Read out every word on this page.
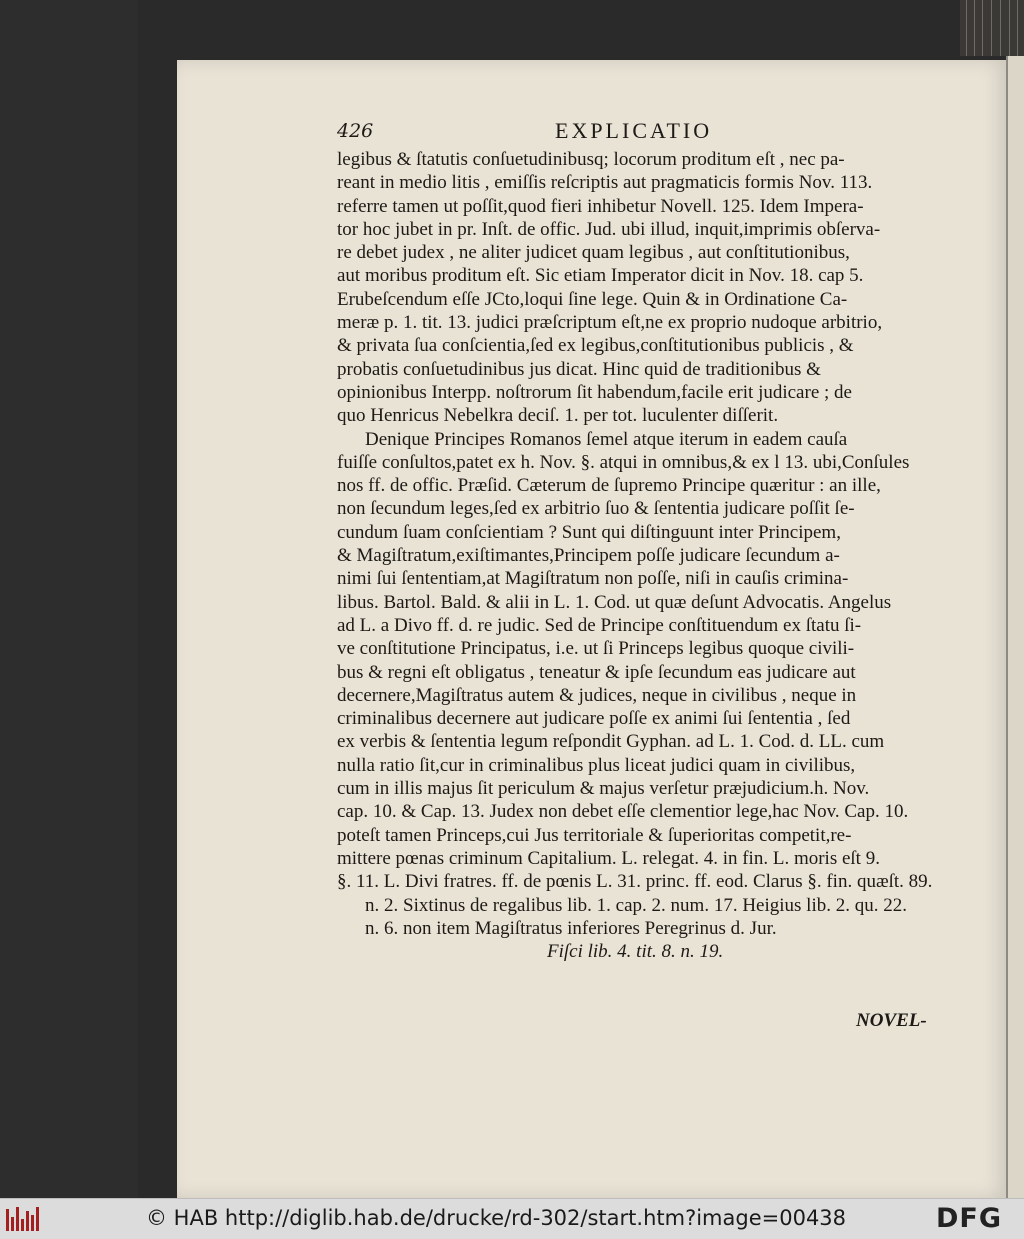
426	EXPLICATIO
legibus & ſtatutis conſuetudinibusq; locorum proditum eſt , nec pa-
reant in medio litis , emiſſis reſcriptis aut pragmaticis formis Nov. 113.
referre tamen ut poſſit,quod fieri inhibetur Novell. 125. Idem Impera-
tor hoc jubet in pr. Inſt. de offic. Jud. ubi illud, inquit,imprimis obſerva-
re debet judex , ne aliter judicet quam legibus , aut conſtitutionibus,
aut moribus proditum eſt. Sic etiam Imperator dicit in Nov. 18. cap 5.
Erubeſcendum eſſe JCto,loqui ſine lege. Quin & in Ordinatione Ca-
meræ p. 1. tit. 13. judici præſcriptum eſt,ne ex proprio nudoque arbitrio,
& privata ſua conſcientia,ſed ex legibus,conſtitutionibus publicis , &
probatis conſuetudinibus jus dicat. Hinc quid de traditionibus &
opinionibus Interpp. noſtrorum ſit habendum,facile erit judicare ; de
quo Henricus Nebelkra deciſ. 1. per tot. luculenter diſſerit.
Denique Principes Romanos ſemel atque iterum in eadem cauſa
fuiſſe conſultos,patet ex h. Nov. §. atqui in omnibus,& ex l 13. ubi,Conſules
nos ff. de offic. Præſid. Cæterum de ſupremo Principe quæritur : an ille,
non ſecundum leges,ſed ex arbitrio ſuo & ſententia judicare poſſit ſe-
cundum ſuam conſcientiam ? Sunt qui diſtinguunt inter Principem,
& Magiſtratum,exiſtimantes,Principem poſſe judicare ſecundum a-
nimi ſui ſententiam,at Magiſtratum non poſſe, niſi in cauſis crimina-
libus. Bartol. Bald. & alii in L. 1. Cod. ut quæ deſunt Advocatis. Angelus
ad L. a Divo ff. d. re judic. Sed de Principe conſtituendum ex ſtatu ſi-
ve conſtitutione Principatus, i.e. ut ſi Princeps legibus quoque civili-
bus & regni eſt obligatus , teneatur & ipſe ſecundum eas judicare aut
decernere,Magiſtratus autem & judices, neque in civilibus , neque in
criminalibus decernere aut judicare poſſe ex animi ſui ſententia , ſed
ex verbis & ſententia legum reſpondit Gyphan. ad L. 1. Cod. d. LL. cum
nulla ratio ſit,cur in criminalibus plus liceat judici quam in civilibus,
cum in illis majus ſit periculum & majus verſetur præjudicium.h. Nov.
cap. 10. & Cap. 13. Judex non debet eſſe clementior lege,hac Nov. Cap. 10.
poteſt tamen Princeps,cui Jus territoriale & ſuperioritas competit,re-
mittere pœnas criminum Capitalium. L. relegat. 4. in fin. L. moris eſt 9.
§. 11. L. Divi fratres. ff. de pœnis L. 31. princ. ff. eod. Clarus §. fin. quæſt. 89.
n. 2. Sixtinus de regalibus lib. 1. cap. 2. num. 17. Heigius lib. 2. qu. 22.
n. 6. non item Magiſtratus inferiores Peregrinus d. Jur.
Fiſci lib. 4. tit. 8. n. 19.
NOVEL-
© HAB http://diglib.hab.de/drucke/rd-302/start.htm?image=00438	DFG
